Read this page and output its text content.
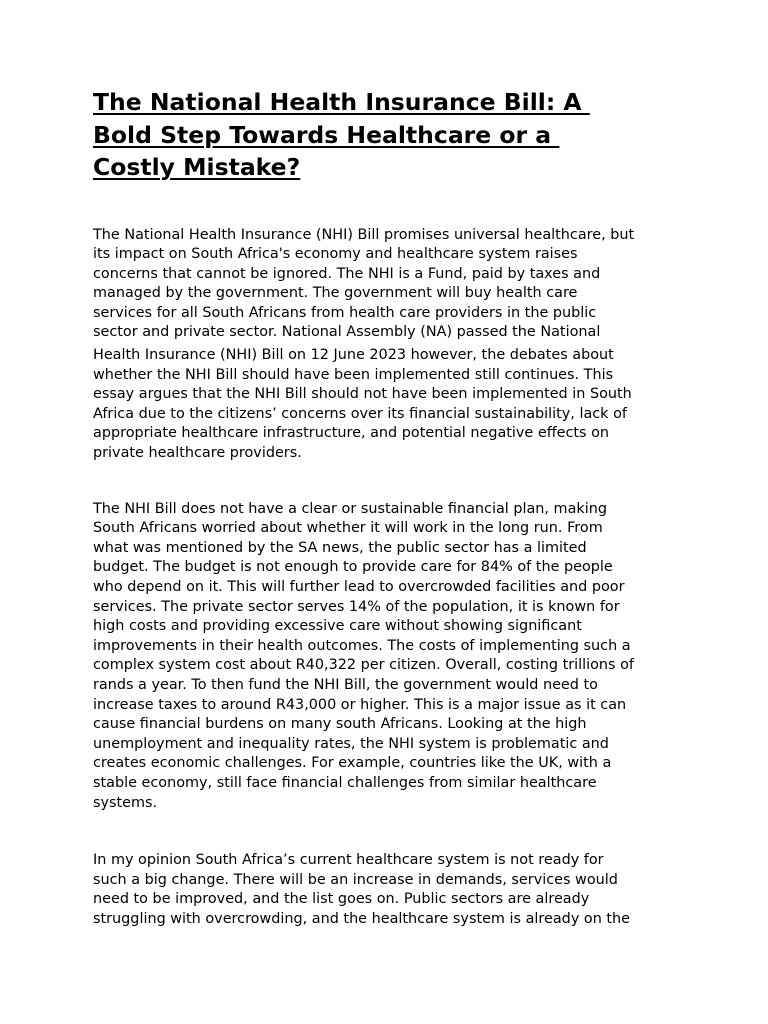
The National Health Insurance Bill: A
Bold Step Towards Healthcare or a
Costly Mistake?
The National Health Insurance (NHI) Bill promises universal healthcare, but
its impact on South Africa's economy and healthcare system raises
concerns that cannot be ignored. The NHI is a Fund, paid by taxes and
managed by the government. The government will buy health care
services for all South Africans from health care providers in the public
sector and private sector. National Assembly (NA) passed the National
Health Insurance (NHI) Bill on 12 June 2023 however, the debates about
whether the NHI Bill should have been implemented still continues. This
essay argues that the NHI Bill should not have been implemented in South
Africa due to the citizens’ concerns over its financial sustainability, lack of
appropriate healthcare infrastructure, and potential negative effects on
private healthcare providers.
The NHI Bill does not have a clear or sustainable financial plan, making
South Africans worried about whether it will work in the long run. From
what was mentioned by the SA news, the public sector has a limited
budget. The budget is not enough to provide care for 84% of the people
who depend on it. This will further lead to overcrowded facilities and poor
services. The private sector serves 14% of the population, it is known for
high costs and providing excessive care without showing significant
improvements in their health outcomes. The costs of implementing such a
complex system cost about R40,322 per citizen. Overall, costing trillions of
rands a year. To then fund the NHI Bill, the government would need to
increase taxes to around R43,000 or higher. This is a major issue as it can
cause financial burdens on many south Africans. Looking at the high
unemployment and inequality rates, the NHI system is problematic and
creates economic challenges. For example, countries like the UK, with a
stable economy, still face financial challenges from similar healthcare
systems.
In my opinion South Africa’s current healthcare system is not ready for
such a big change. There will be an increase in demands, services would
need to be improved, and the list goes on. Public sectors are already
struggling with overcrowding, and the healthcare system is already on the
